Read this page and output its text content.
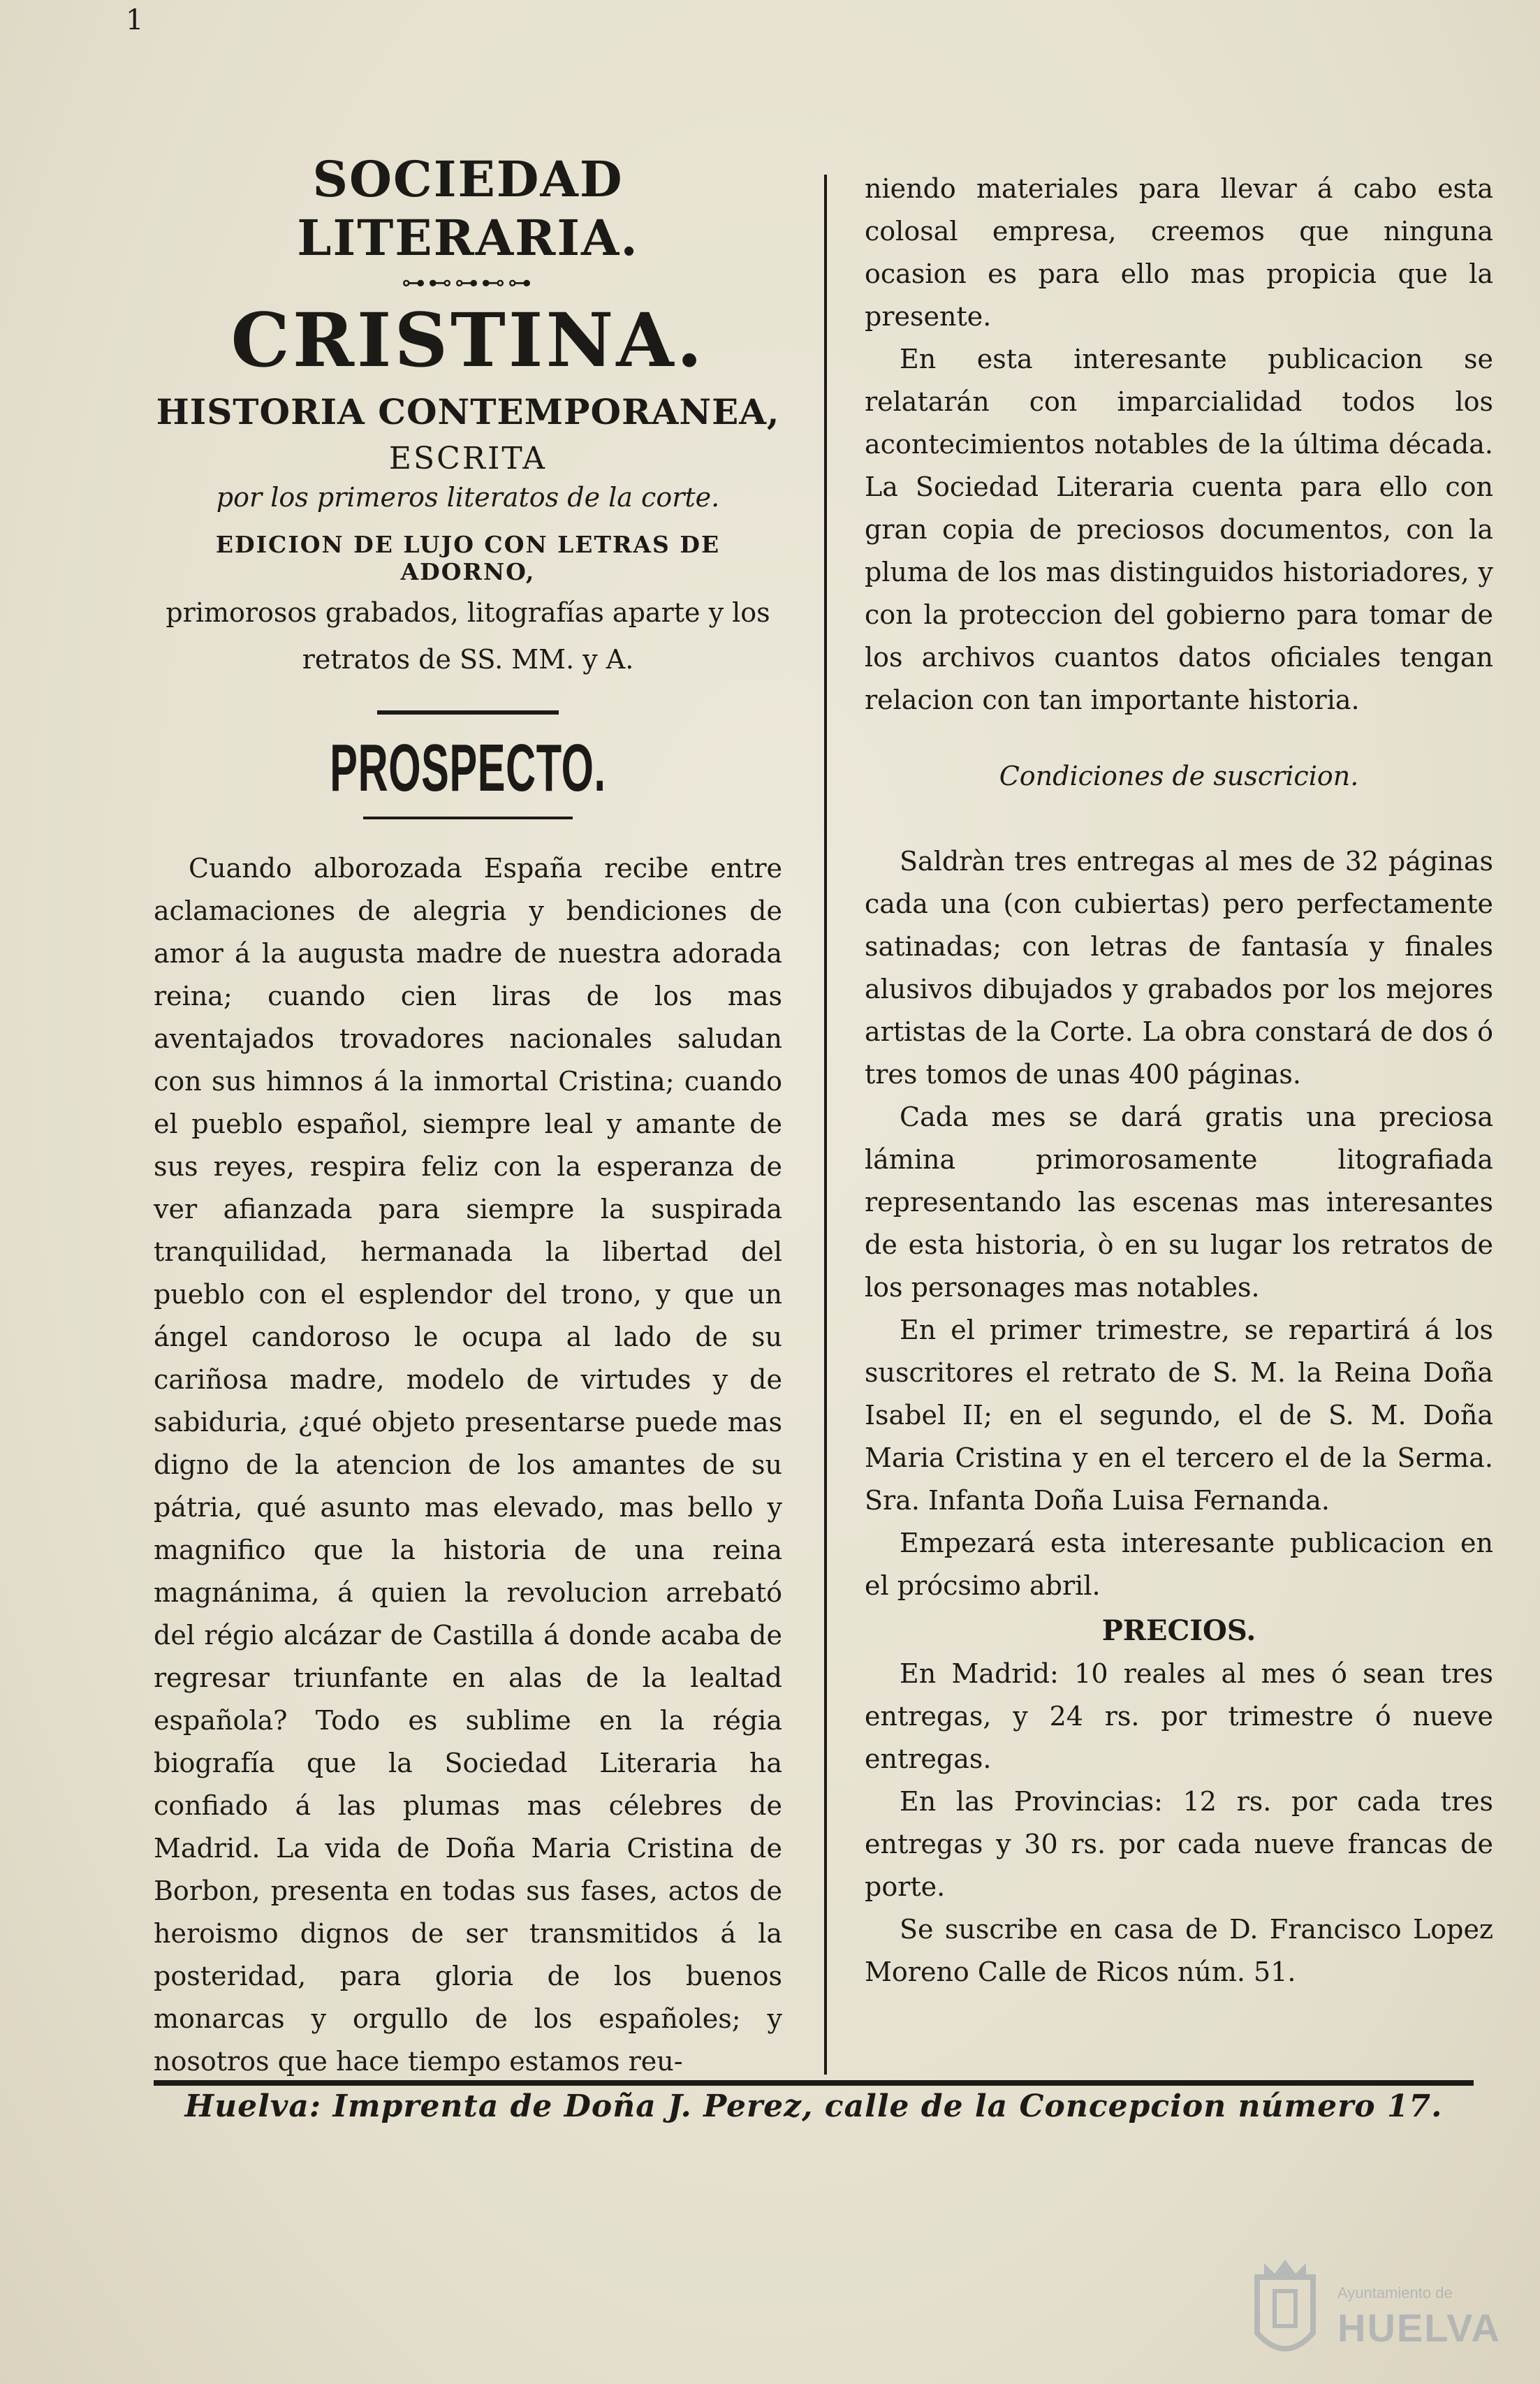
1
SOCIEDAD LITERARIA.
⊶⊷⊶⊷⊶
CRISTINA.
HISTORIA CONTEMPORANEA,
ESCRITA
por los primeros literatos de la corte.
EDICION DE LUJO CON LETRAS DE ADORNO,
primorosos grabados, litografías aparte y los retratos de SS. MM. y A.
PROSPECTO.

Cuando alborozada España recibe entre aclamaciones de alegria y bendiciones de amor á la augusta madre de nuestra adorada reina; cuando cien liras de los mas aventajados trovadores nacionales saludan con sus himnos á la inmortal Cristina; cuando el pueblo español, siempre leal y amante de sus reyes, respira feliz con la esperanza de ver afianzada para siempre la suspirada tranquilidad, hermanada la libertad del pueblo con el esplendor del trono, y que un ángel candoroso le ocupa al lado de su cariñosa madre, modelo de virtudes y de sabiduria, ¿qué objeto presentarse puede mas digno de la atencion de los amantes de su pátria, qué asunto mas elevado, mas bello y magnifico que la historia de una reina magnánima, á quien la revolucion arrebató del régio alcázar de Castilla á donde acaba de regresar triunfante en alas de la lealtad española? Todo es sublime en la régia biografía que la Sociedad Literaria ha confiado á las plumas mas célebres de Madrid. La vida de Doña Maria Cristina de Borbon, presenta en todas sus fases, actos de heroismo dignos de ser transmitidos á la posteridad, para gloria de los buenos monarcas y orgullo de los españoles; y nosotros que hace tiempo estamos reu-

niendo materiales para llevar á cabo esta colosal empresa, creemos que ninguna ocasion es para ello mas propicia que la presente.

En esta interesante publicacion se relatarán con imparcialidad todos los acontecimientos notables de la última década. La Sociedad Literaria cuenta para ello con gran copia de preciosos documentos, con la pluma de los mas distinguidos historiadores, y con la proteccion del gobierno para tomar de los archivos cuantos datos oficiales tengan relacion con tan importante historia.

Condiciones de suscricion.

Saldràn tres entregas al mes de 32 páginas cada una (con cubiertas) pero perfectamente satinadas; con letras de fantasía y finales alusivos dibujados y grabados por los mejores artistas de la Corte. La obra constará de dos ó tres tomos de unas 400 páginas.

Cada mes se dará gratis una preciosa lámina primorosamente litografiada representando las escenas mas interesantes de esta historia, ò en su lugar los retratos de los personages mas notables.

En el primer trimestre, se repartirá á los suscritores el retrato de S. M. la Reina Doña Isabel II; en el segundo, el de S. M. Doña Maria Cristina y en el tercero el de la Serma. Sra. Infanta Doña Luisa Fernanda.

Empezará esta interesante publicacion en el prócsimo abril.

PRECIOS.

En Madrid: 10 reales al mes ó sean tres entregas, y 24 rs. por trimestre ó nueve entregas.

En las Provincias: 12 rs. por cada tres entregas y 30 rs. por cada nueve francas de porte.

Se suscribe en casa de D. Francisco Lopez Moreno Calle de Ricos núm. 51.

Huelva: Imprenta de Doña J. Perez, calle de la Concepcion número 17.
Ayuntamiento de
HUELVA
